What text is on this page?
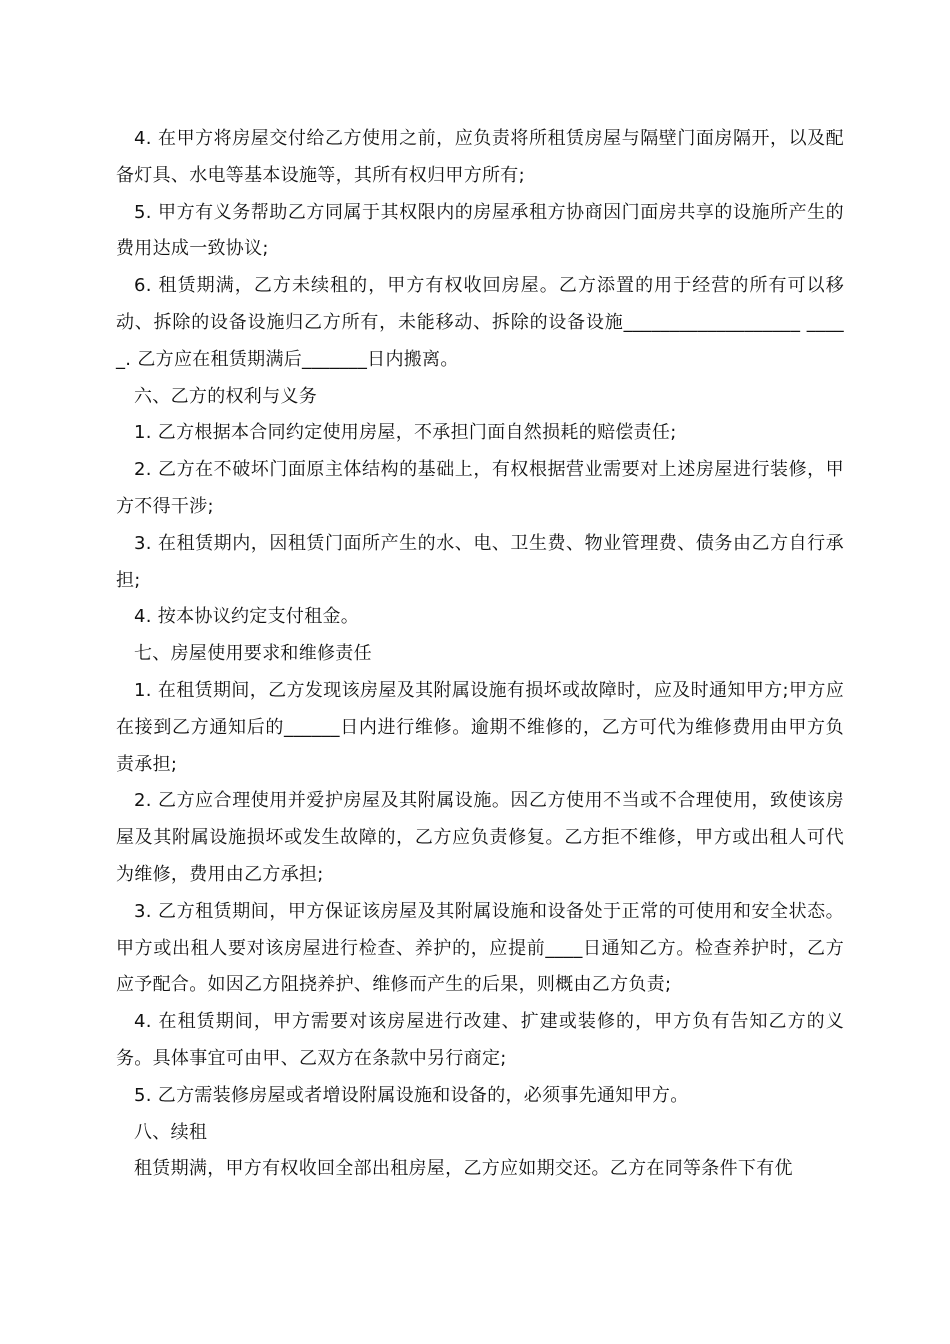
4. 在甲方将房屋交付给乙方使用之前，应负责将所租赁房屋与隔壁门面房隔开，以及配备灯具、水电等基本设施等，其所有权归甲方所有;

5. 甲方有义务帮助乙方同属于其权限内的房屋承租方协商因门面房共享的设施所产生的费用达成一致协议;

6. 租赁期满，乙方未续租的，甲方有权收回房屋。乙方添置的用于经营的所有可以移动、拆除的设备设施归乙方所有，未能移动、拆除的设备设施___________________ _____. 乙方应在租赁期满后_______日内搬离。

六、乙方的权利与义务

1. 乙方根据本合同约定使用房屋，不承担门面自然损耗的赔偿责任;

2. 乙方在不破坏门面原主体结构的基础上，有权根据营业需要对上述房屋进行装修，甲方不得干涉;

3. 在租赁期内，因租赁门面所产生的水、电、卫生费、物业管理费、债务由乙方自行承担;

4. 按本协议约定支付租金。

七、房屋使用要求和维修责任

1. 在租赁期间，乙方发现该房屋及其附属设施有损坏或故障时，应及时通知甲方;甲方应在接到乙方通知后的______日内进行维修。逾期不维修的，乙方可代为维修费用由甲方负责承担;

2. 乙方应合理使用并爱护房屋及其附属设施。因乙方使用不当或不合理使用，致使该房屋及其附属设施损坏或发生故障的，乙方应负责修复。乙方拒不维修，甲方或出租人可代为维修，费用由乙方承担;

3. 乙方租赁期间，甲方保证该房屋及其附属设施和设备处于正常的可使用和安全状态。甲方或出租人要对该房屋进行检查、养护的，应提前____日通知乙方。检查养护时，乙方应予配合。如因乙方阻挠养护、维修而产生的后果，则概由乙方负责;

4. 在租赁期间，甲方需要对该房屋进行改建、扩建或装修的，甲方负有告知乙方的义务。具体事宜可由甲、乙双方在条款中另行商定;

5. 乙方需装修房屋或者增设附属设施和设备的，必须事先通知甲方。

八、续租

租赁期满，甲方有权收回全部出租房屋，乙方应如期交还。乙方在同等条件下有优
